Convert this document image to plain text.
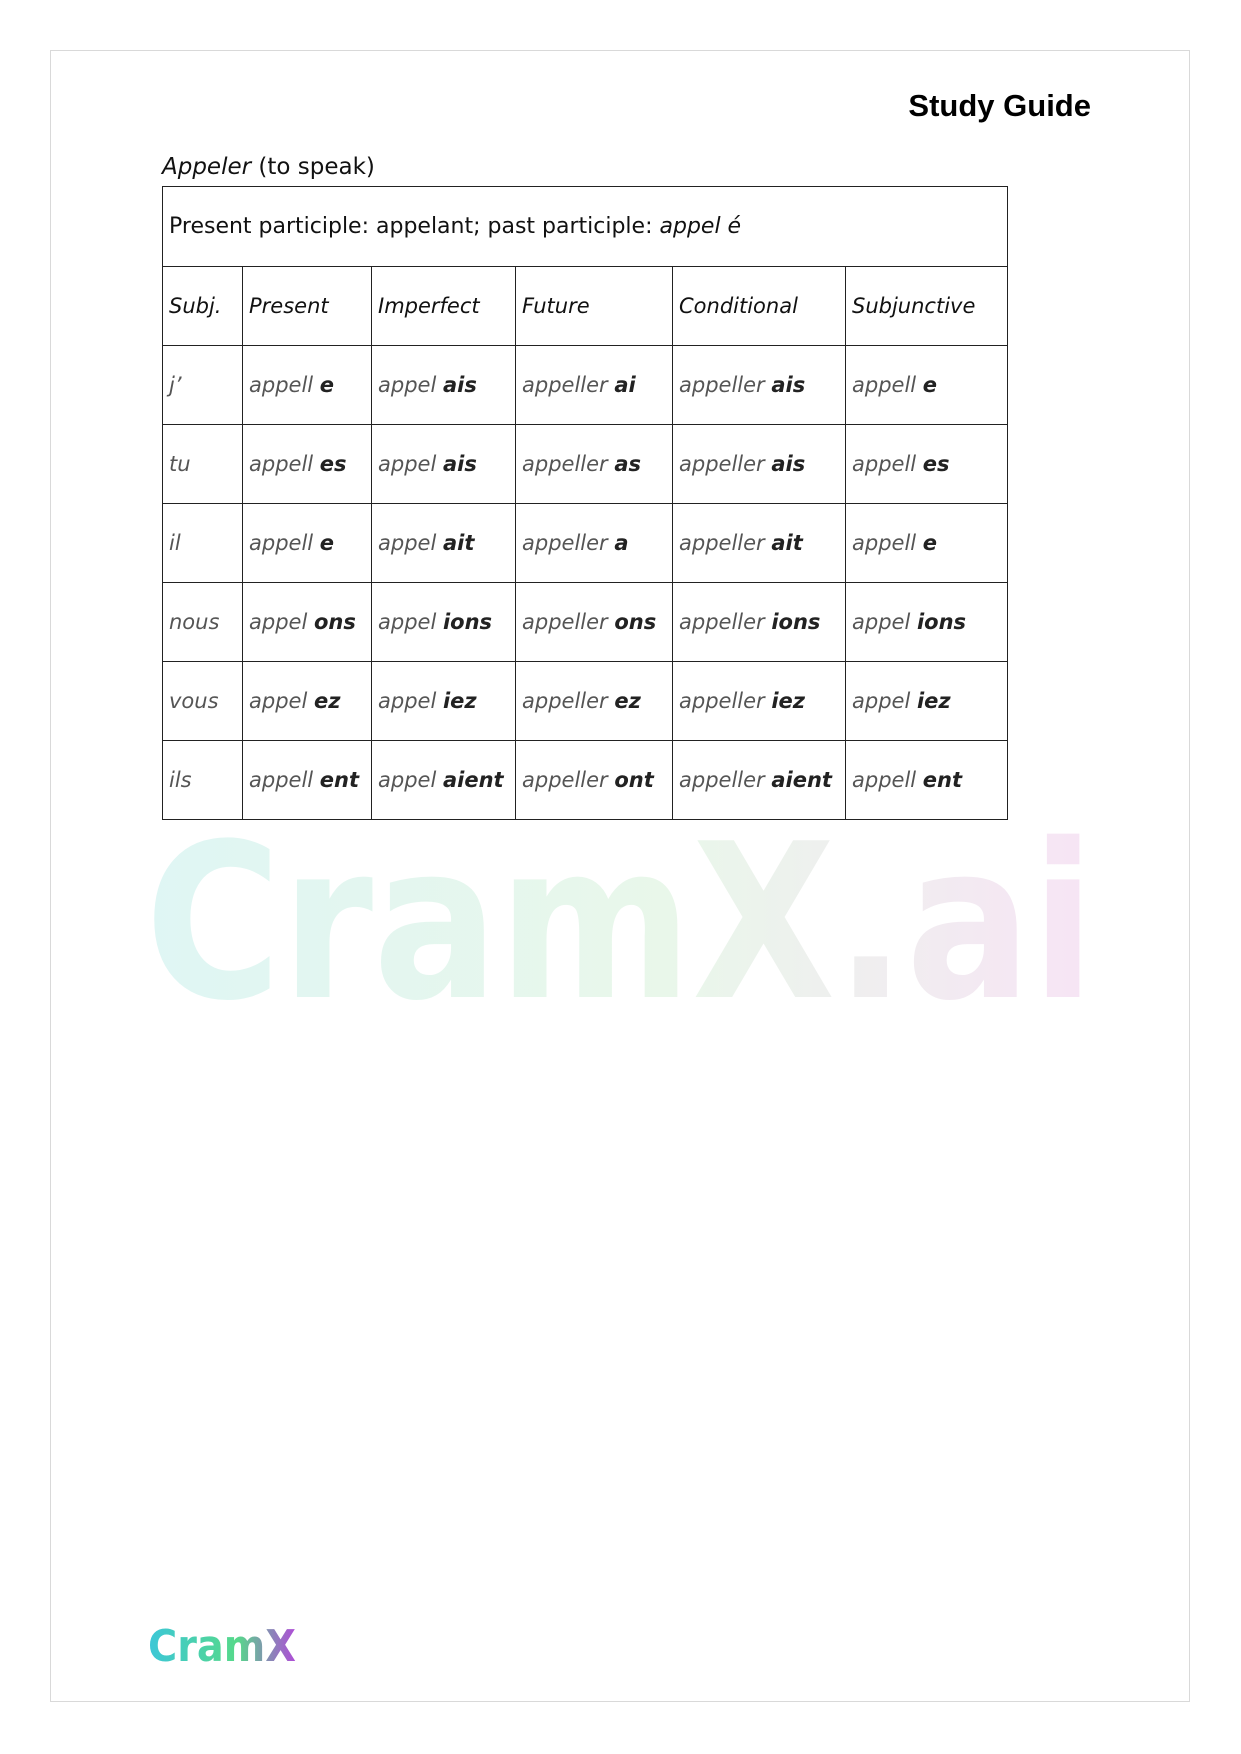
Study Guide
Appeler (to speak)
Present participle: appelant; past participle: appel é					
Subj.	Present	Imperfect	Future	Conditional	Subjunctive
j’	appell e	appel ais	appeller ai	appeller ais	appell e
tu	appell es	appel ais	appeller as	appeller ais	appell es
il	appell e	appel ait	appeller a	appeller ait	appell e
nous	appel ons	appel ions	appeller ons	appeller ions	appel ions
vous	appel ez	appel iez	appeller ez	appeller iez	appel iez
ils	appell ent	appel aient	appeller ont	appeller aient	appell ent
CramX.ai
CramX
